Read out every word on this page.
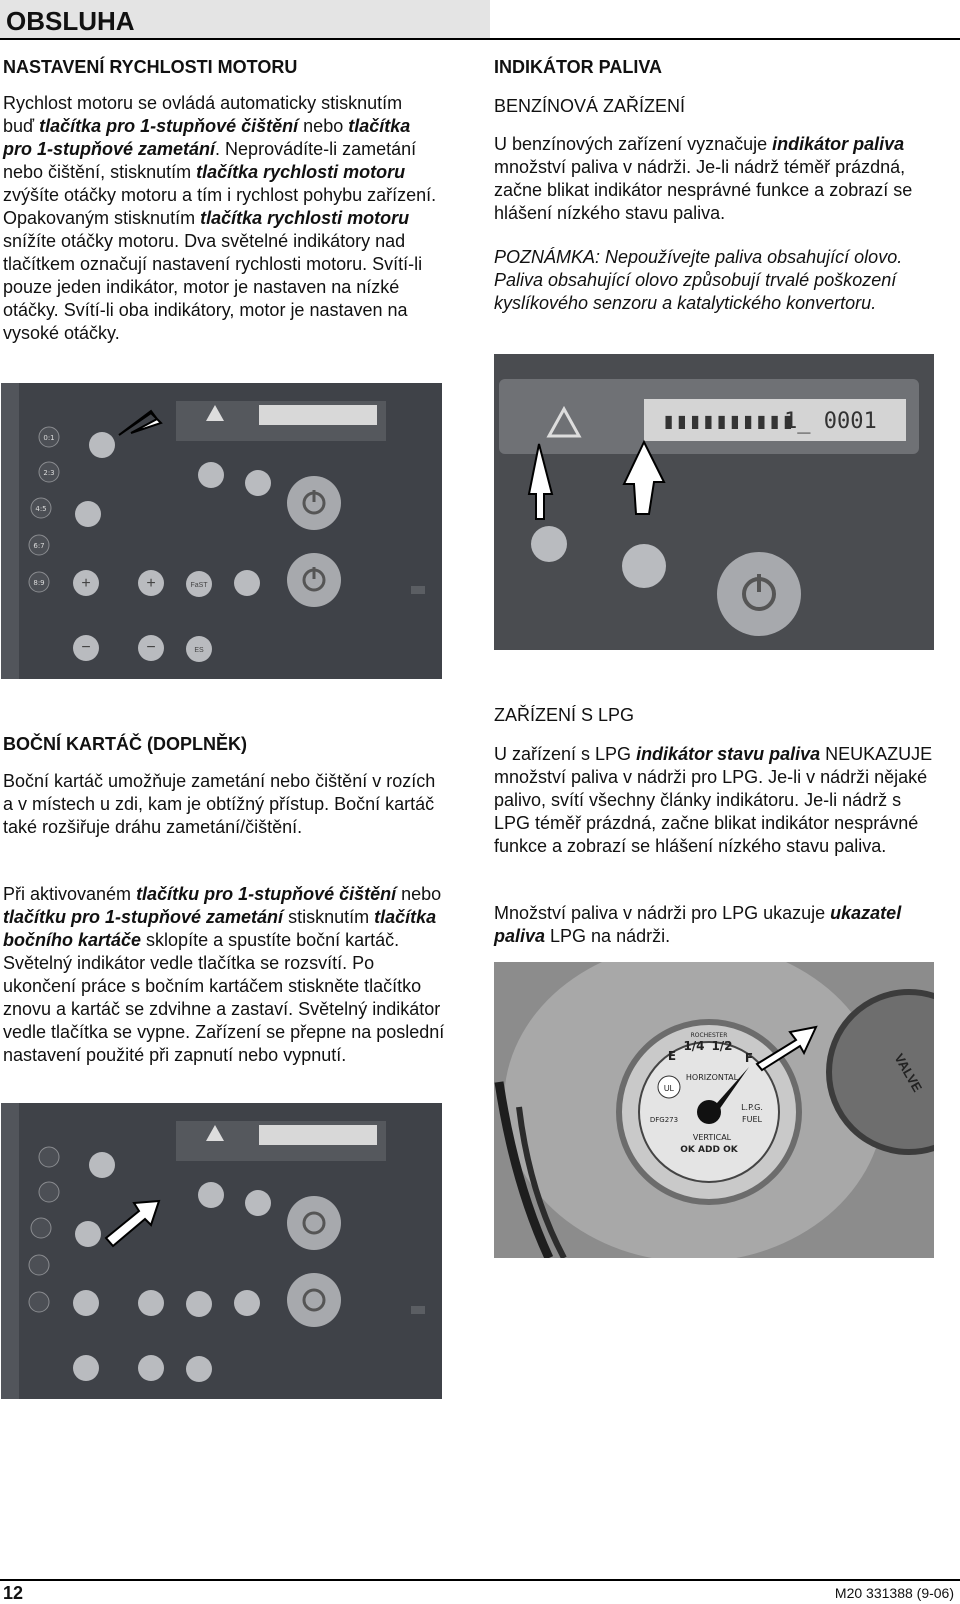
OBSLUHA
NASTAVENÍ RYCHLOSTI MOTORU
Rychlost motoru se ovládá automaticky stisknutím buď tlačítka pro 1-stupňové čištění nebo tlačítka pro 1-stupňové zametání. Neprovádíte-li zametání nebo čištění, stisknutím tlačítka rychlosti motoru zvýšíte otáčky motoru a tím i rychlost pohybu zařízení. Opakovaným stisknutím tlačítka rychlosti motoru snížíte otáčky motoru. Dva světelné indikátory nad tlačítkem označují nastavení rychlosti motoru. Svítí-li pouze jeden indikátor, motor je nastaven na nízké otáčky. Svítí-li oba indikátory, motor je nastaven na vysoké otáčky.
0:1
2:3
4:5
6:7
8:9 +	+	FaST
−	−	ES
BOČNÍ KARTÁČ (DOPLNĚK)
Boční kartáč umožňuje zametání nebo čištění v rozích a v místech u zdi, kam je obtížný přístup. Boční kartáč také rozšiřuje dráhu zametání/čištění.
Při aktivovaném tlačítku pro 1-stupňové čištění nebo tlačítku pro 1-stupňové zametání stisknutím tlačítka bočního kartáče sklopíte a spustíte boční kartáč. Světelný indikátor vedle tlačítka se rozsvítí. Po ukončení práce s bočním kartáčem stiskněte tlačítko znovu a kartáč se zdvihne a zastaví. Světelný indikátor vedle tlačítka se vypne. Zařízení se přepne na poslední nastavení použité při zapnutí nebo vypnutí.
INDIKÁTOR PALIVA
BENZÍNOVÁ ZAŘÍZENÍ
U benzínových zařízení vyznačuje indikátor paliva množství paliva v nádrži. Je-li nádrž téměř prázdná, začne blikat indikátor nesprávné funkce a zobrazí se hlášení nízkého stavu paliva.
POZNÁMKA: Nepoužívejte paliva obsahující olovo. Paliva obsahující olovo způsobují trvalé poškození kyslíkového senzoru a katalytického konvertoru.
▮▮▮▮▮▮▮▮▮▮
1_ 0001
ZAŘÍZENÍ S LPG
U zařízení s LPG indikátor stavu paliva NEUKAZUJE množství paliva v nádrži pro LPG. Je-li v nádrži nějaké palivo, svítí všechny články indikátoru. Je-li nádrž s LPG téměř prázdná, začne blikat indikátor nesprávné funkce a zobrazí se hlášení nízkého stavu paliva.
Množství paliva v nádrži pro LPG ukazuje ukazatel paliva LPG na nádrži.
UL
E
1/4 1/2
F
HORIZONTAL
VERTICAL
L.P.G.
FUEL
OK ADD OK
ROCHESTER
DFG273
VALVE
12	M20 331388 (9-06)
